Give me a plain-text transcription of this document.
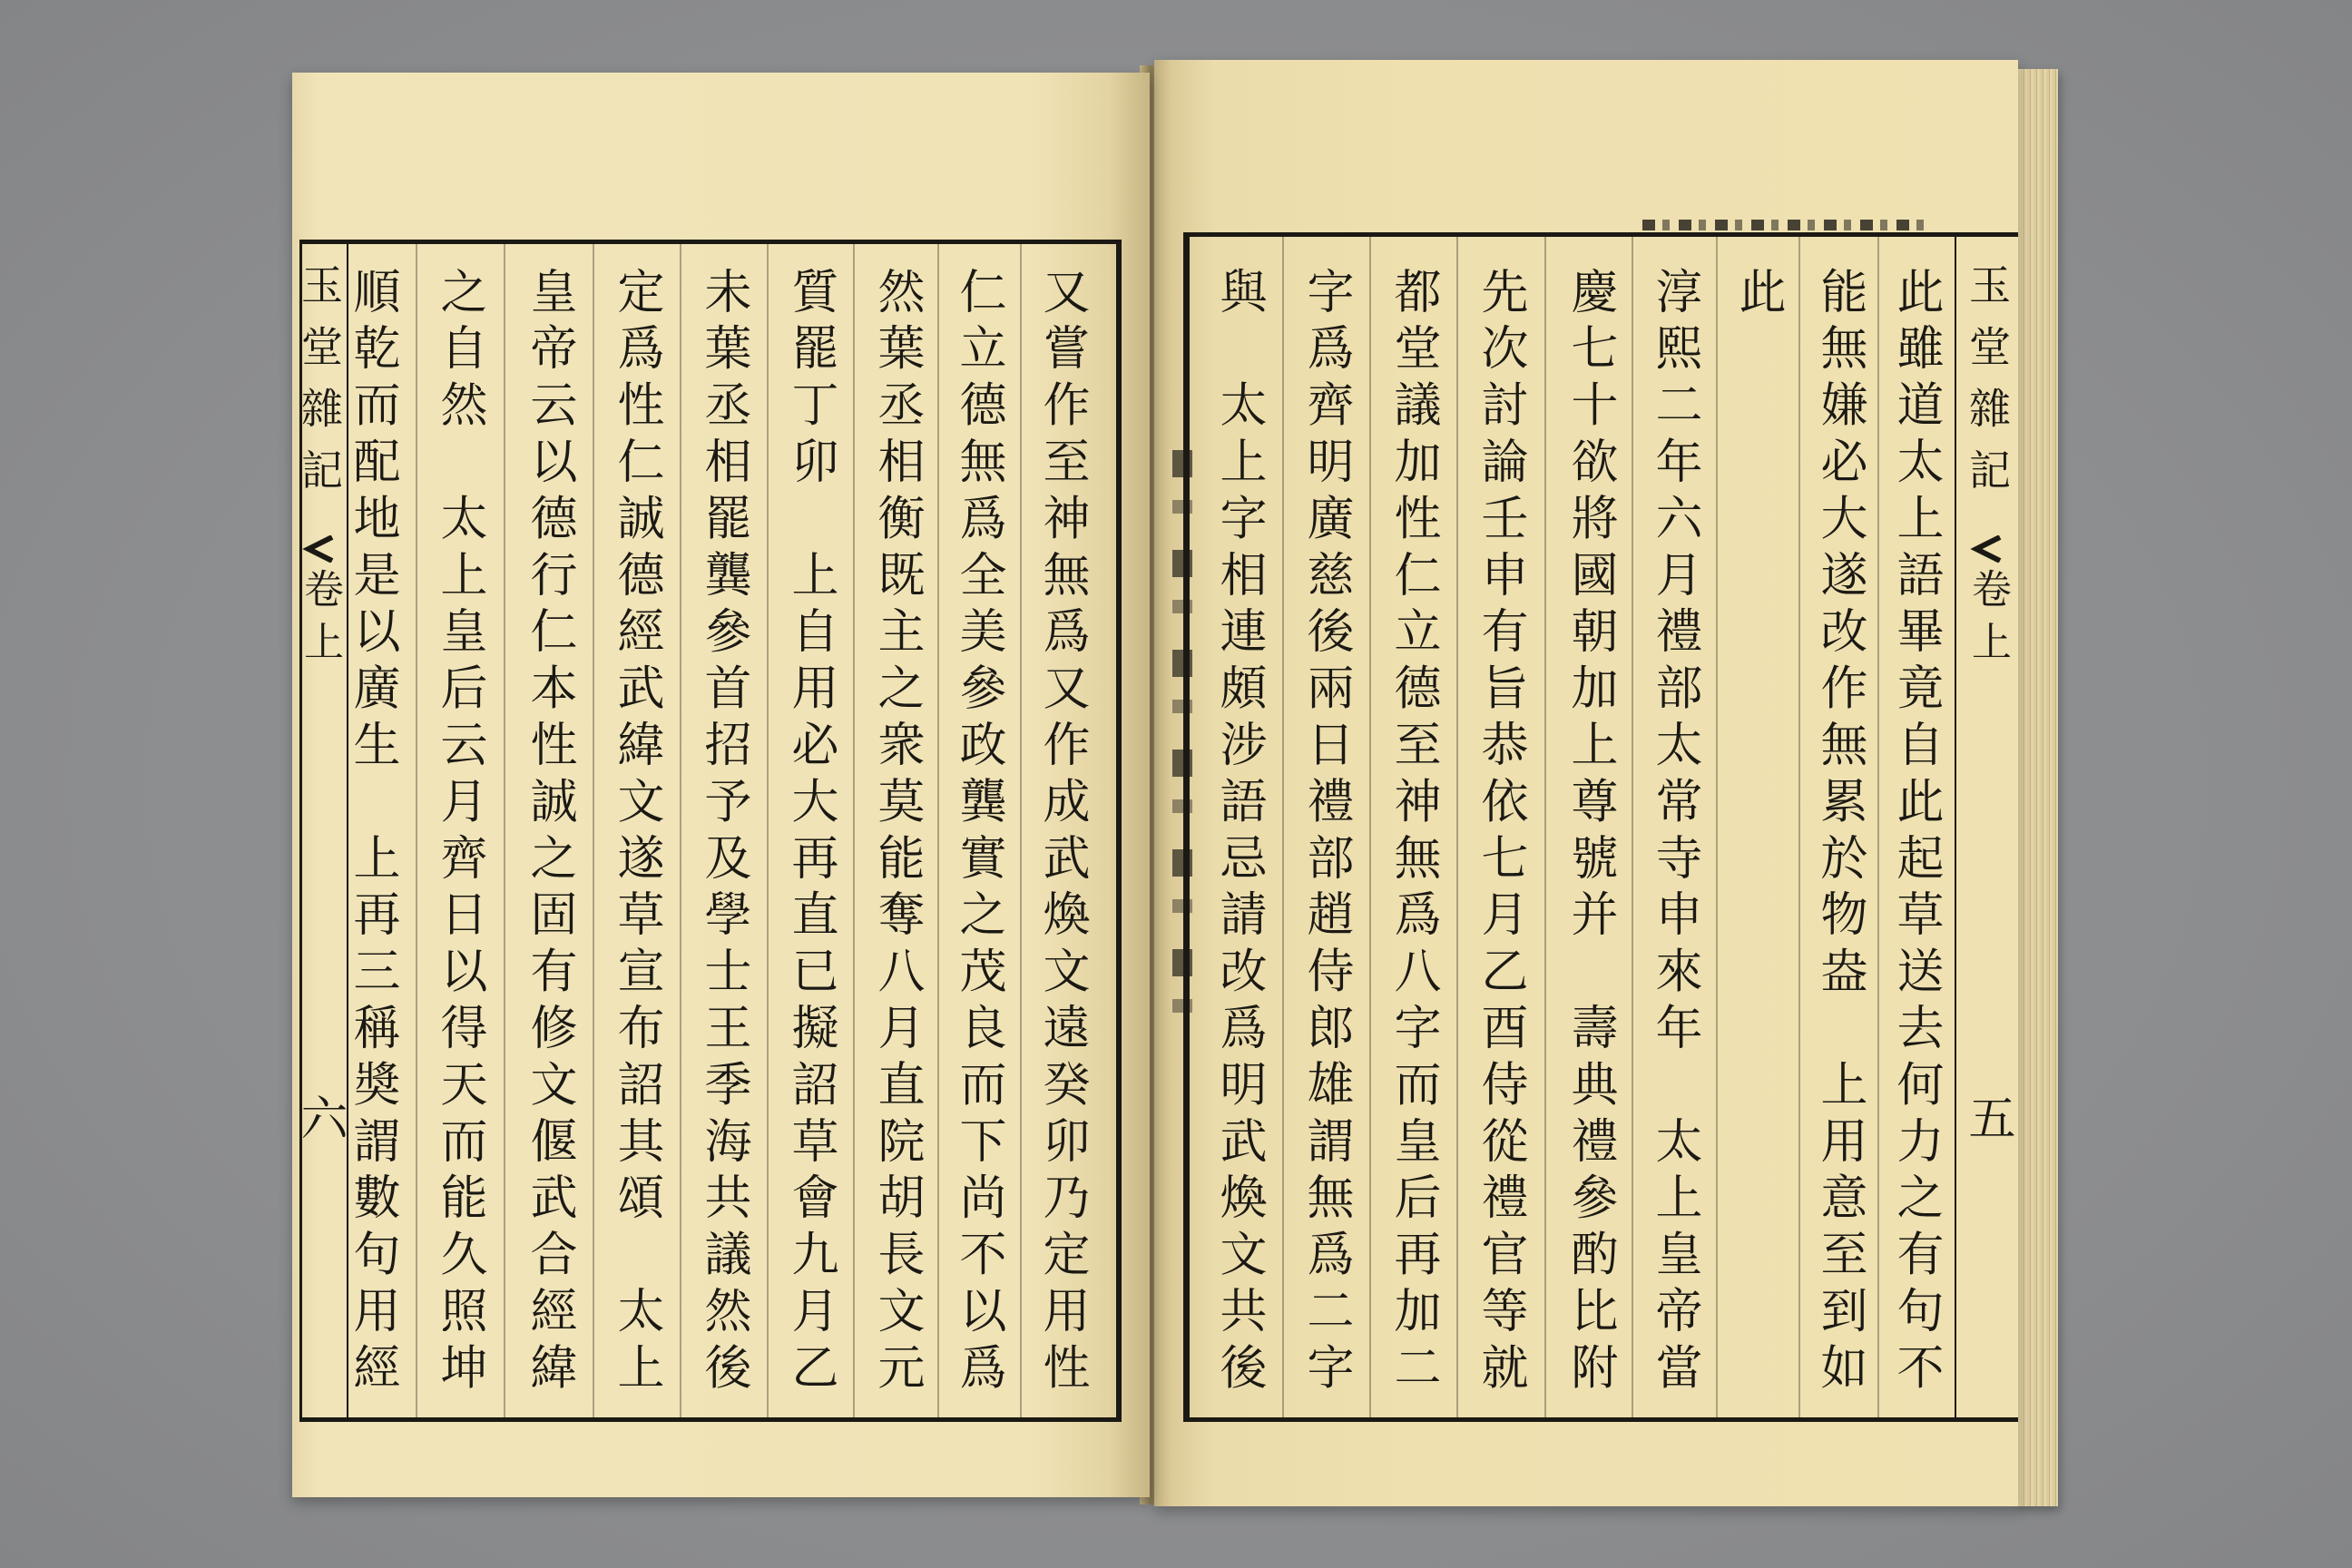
玉堂雜記
卷上
五
此雖道太上語畢竟自此起草送去何力之有句不
能無嫌必大遂改作無累於物盎　上用意至到如
此
淳熙二年六月禮部太常寺申來年　太上皇帝當
慶七十欲將國朝加上尊號并　壽典禮參酌比附
先次討論壬申有旨恭依七月乙酉侍從禮官等就
都堂議加性仁立德至神無爲八字而皇后再加二
字爲齊明廣慈後兩日禮部趙侍郎雄謂無爲二字
與　太上字相連頗涉語忌請改爲明武煥文共後
玉堂雜記
卷上
六	又嘗作至神無爲又作成武煥文遠癸卯乃定用性
仁立德無爲全美參政龔實之茂良而下尚不以爲
然葉丞相衡既主之衆莫能奪八月直院胡長文元
質罷丁卯　上自用必大再直已擬詔草會九月乙
未葉丞相罷龔參首招予及學士王季海共議然後
定爲性仁誠德經武緯文遂草宣布詔其頌　太上
皇帝云以德行仁本性誠之固有修文偃武合經緯
之自然　太上皇后云月齊日以得天而能久照坤
順乾而配地是以廣生　上再三稱奬謂數句用經
